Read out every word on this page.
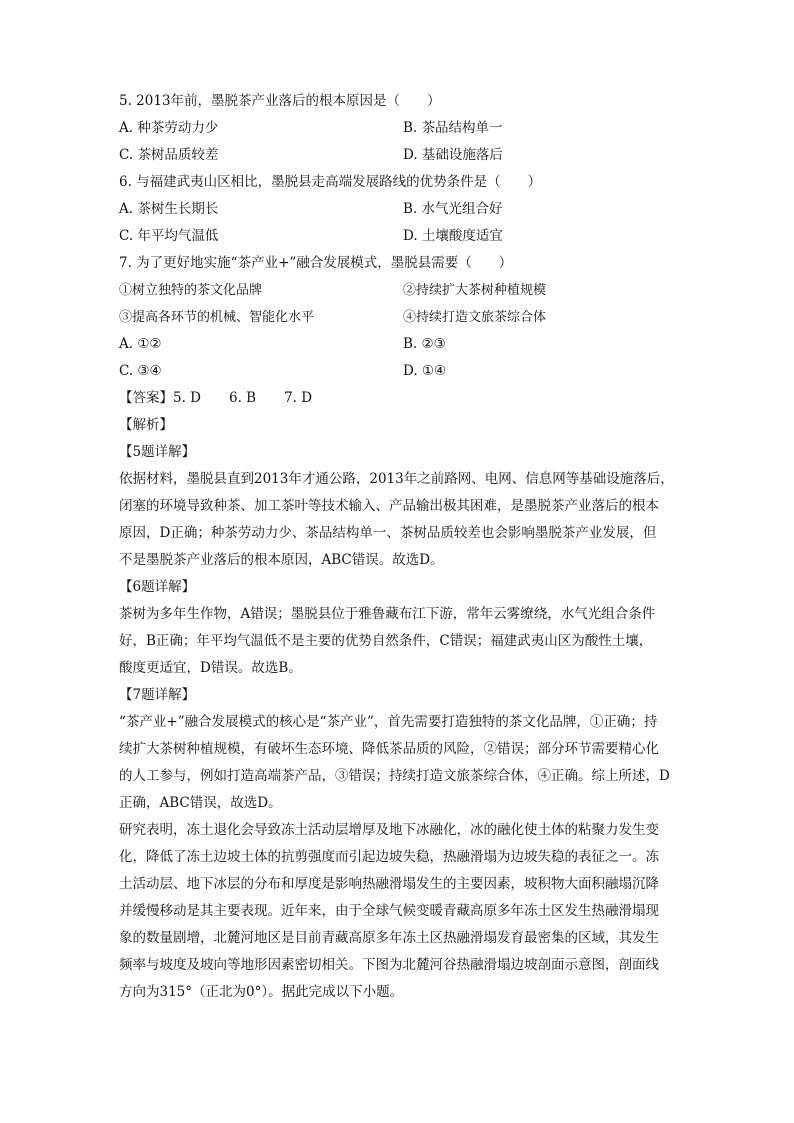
5. 2013年前，墨脱茶产业落后的根本原因是（　　）
A. 种茶劳动力少	B. 茶品结构单一
C. 茶树品质较差	D. 基础设施落后
6. 与福建武夷山区相比，墨脱县走高端发展路线的优势条件是（　　）
A. 茶树生长期长	B. 水气光组合好
C. 年平均气温低	D. 土壤酸度适宜
7. 为了更好地实施“茶产业+”融合发展模式，墨脱县需要（　　）
①树立独特的茶文化品牌	②持续扩大茶树种植规模
③提高各环节的机械、智能化水平	④持续打造文旅茶综合体
A. ①②	B. ②③
C. ③④	D. ①④
【答案】5. D 6. B 7. D
【解析】
【5题详解】
依据材料，墨脱县直到2013年才通公路，2013年之前路网、电网、信息网等基础设施落后，
闭塞的环境导致种茶、加工茶叶等技术输入、产品输出极其困难，是墨脱茶产业落后的根本
原因，D正确；种茶劳动力少、茶品结构单一、茶树品质较差也会影响墨脱茶产业发展，但
不是墨脱茶产业落后的根本原因，ABC错误。故选D。
【6题详解】
茶树为多年生作物，A错误；墨脱县位于雅鲁藏布江下游，常年云雾缭绕，水气光组合条件
好，B正确；年平均气温低不是主要的优势自然条件，C错误；福建武夷山区为酸性土壤，
酸度更适宜，D错误。故选B。
【7题详解】
“茶产业+”融合发展模式的核心是“茶产业”，首先需要打造独特的茶文化品牌，①正确；持
续扩大茶树种植规模，有破坏生态环境、降低茶品质的风险，②错误；部分环节需要精心化
的人工参与，例如打造高端茶产品，③错误；持续打造文旅茶综合体，④正确。综上所述，D
正确，ABC错误，故选D。
研究表明，冻土退化会导致冻土活动层增厚及地下冰融化，冰的融化使土体的粘聚力发生变
化，降低了冻土边坡土体的抗剪强度而引起边坡失稳，热融滑塌为边坡失稳的表征之一。冻
土活动层、地下冰层的分布和厚度是影响热融滑塌发生的主要因素，坡积物大面积融塌沉降
并缓慢移动是其主要表现。近年来，由于全球气候变暖青藏高原多年冻土区发生热融滑塌现
象的数量剧增，北麓河地区是目前青藏高原多年冻土区热融滑塌发育最密集的区域，其发生
频率与坡度及坡向等地形因素密切相关。下图为北麓河谷热融滑塌边坡剖面示意图，剖面线
方向为315°（正北为0°）。据此完成以下小题。
